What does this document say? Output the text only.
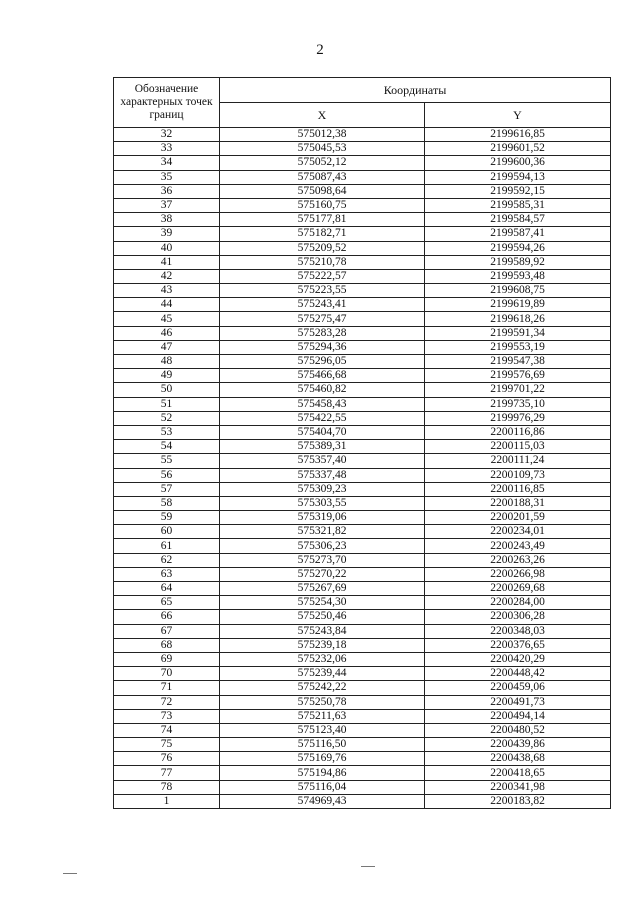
2
Обозначение характерных точек границ	Координаты	
	X	Y
32	575012,38	2199616,85
33	575045,53	2199601,52
34	575052,12	2199600,36
35	575087,43	2199594,13
36	575098,64	2199592,15
37	575160,75	2199585,31
38	575177,81	2199584,57
39	575182,71	2199587,41
40	575209,52	2199594,26
41	575210,78	2199589,92
42	575222,57	2199593,48
43	575223,55	2199608,75
44	575243,41	2199619,89
45	575275,47	2199618,26
46	575283,28	2199591,34
47	575294,36	2199553,19
48	575296,05	2199547,38
49	575466,68	2199576,69
50	575460,82	2199701,22
51	575458,43	2199735,10
52	575422,55	2199976,29
53	575404,70	2200116,86
54	575389,31	2200115,03
55	575357,40	2200111,24
56	575337,48	2200109,73
57	575309,23	2200116,85
58	575303,55	2200188,31
59	575319,06	2200201,59
60	575321,82	2200234,01
61	575306,23	2200243,49
62	575273,70	2200263,26
63	575270,22	2200266,98
64	575267,69	2200269,68
65	575254,30	2200284,00
66	575250,46	2200306,28
67	575243,84	2200348,03
68	575239,18	2200376,65
69	575232,06	2200420,29
70	575239,44	2200448,42
71	575242,22	2200459,06
72	575250,78	2200491,73
73	575211,63	2200494,14
74	575123,40	2200480,52
75	575116,50	2200439,86
76	575169,76	2200438,68
77	575194,86	2200418,65
78	575116,04	2200341,98
1	574969,43	2200183,82
